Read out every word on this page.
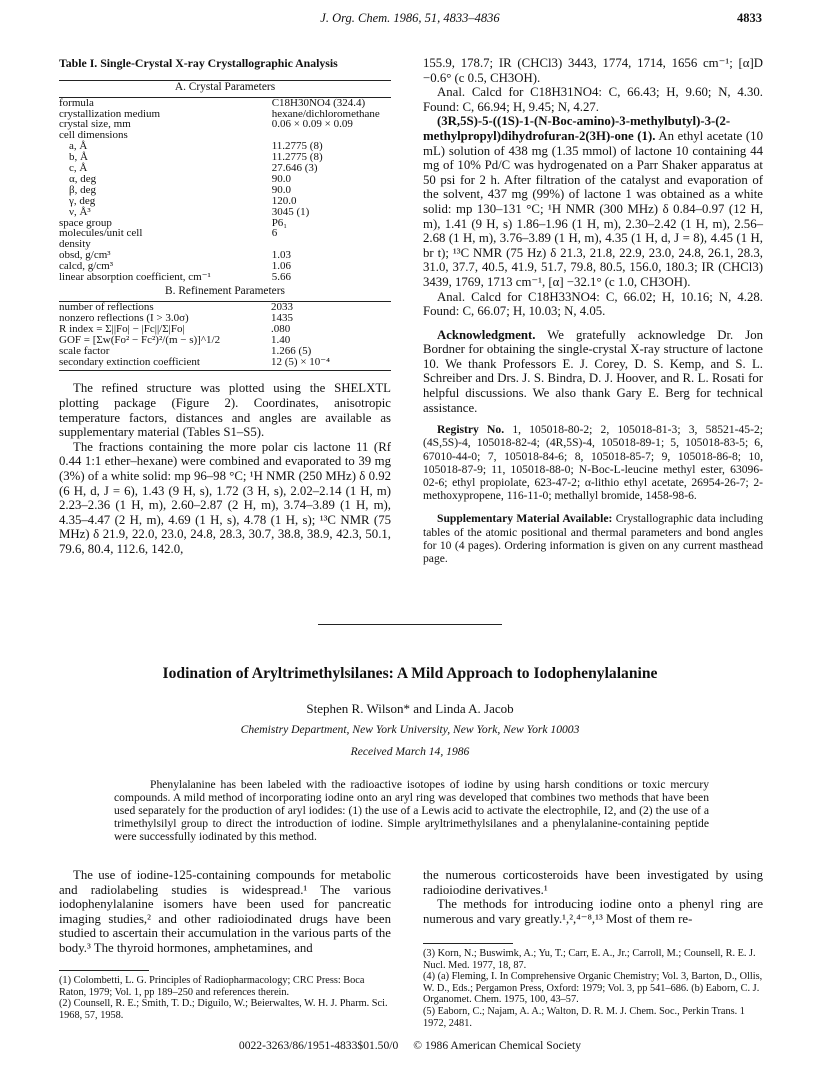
J. Org. Chem. 1986, 51, 4833–4836	4833
Table I. Single-Crystal X-ray Crystallographic Analysis
A. Crystal Parameters
formula	C18H30NO4 (324.4)
crystallization medium	hexane/dichloromethane
crystal size, mm	0.06 × 0.09 × 0.09
cell dimensions	
a, Å	11.2775 (8)
b, Å	11.2775 (8)
c, Å	27.646 (3)
α, deg	90.0
β, deg	90.0
γ, deg	120.0
ν, Å³	3045 (1)
space group	P6₁
molecules/unit cell	6
density	
obsd, g/cm³	1.03
calcd, g/cm³	1.06
linear absorption coefficient, cm⁻¹	5.66
B. Refinement Parameters
number of reflections	2033
nonzero reflections (I > 3.0σ)	1435
R index = Σ||Fo| − |Fc||/Σ|Fo|	.080
GOF = [Σw(Fo² − Fc²)²/(m − s)]^1/2	1.40
scale factor	1.266 (5)
secondary extinction coefficient	12 (5) × 10⁻⁴

The refined structure was plotted using the SHELXTL plotting package (Figure 2). Coordinates, anisotropic temperature factors, distances and angles are available as supplementary material (Tables S1–S5).

The fractions containing the more polar cis lactone 11 (Rf 0.44 1:1 ether–hexane) were combined and evaporated to 39 mg (3%) of a white solid: mp 96–98 °C; ¹H NMR (250 MHz) δ 0.92 (6 H, d, J = 6), 1.43 (9 H, s), 1.72 (3 H, s), 2.02–2.14 (1 H, m) 2.23–2.36 (1 H, m), 2.60–2.87 (2 H, m), 3.74–3.89 (1 H, m), 4.35–4.47 (2 H, m), 4.69 (1 H, s), 4.78 (1 H, s); ¹³C NMR (75 MHz) δ 21.9, 22.0, 23.0, 24.8, 28.3, 30.7, 38.8, 38.9, 42.3, 50.1, 79.6, 80.4, 112.6, 142.0,

155.9, 178.7; IR (CHCl3) 3443, 1774, 1714, 1656 cm⁻¹; [α]D −0.6° (c 0.5, CH3OH).

Anal. Calcd for C18H31NO4: C, 66.43; H, 9.60; N, 4.30. Found: C, 66.94; H, 9.45; N, 4.27.

(3R,5S)-5-((1S)-1-(N-Boc-amino)-3-methylbutyl)-3-(2-methylpropyl)dihydrofuran-2(3H)-one (1). An ethyl acetate (10 mL) solution of 438 mg (1.35 mmol) of lactone 10 containing 44 mg of 10% Pd/C was hydrogenated on a Parr Shaker apparatus at 50 psi for 2 h. After filtration of the catalyst and evaporation of the solvent, 437 mg (99%) of lactone 1 was obtained as a white solid: mp 130–131 °C; ¹H NMR (300 MHz) δ 0.84–0.97 (12 H, m), 1.41 (9 H, s) 1.86–1.96 (1 H, m), 2.30–2.42 (1 H, m), 2.56–2.68 (1 H, m), 3.76–3.89 (1 H, m), 4.35 (1 H, d, J = 8), 4.45 (1 H, br t); ¹³C NMR (75 Hz) δ 21.3, 21.8, 22.9, 23.0, 24.8, 26.1, 28.3, 31.0, 37.7, 40.5, 41.9, 51.7, 79.8, 80.5, 156.0, 180.3; IR (CHCl3) 3439, 1769, 1713 cm⁻¹, [α] −32.1° (c 1.0, CH3OH).

Anal. Calcd for C18H33NO4: C, 66.02; H, 10.16; N, 4.28. Found: C, 66.07; H, 10.03; N, 4.05.

Acknowledgment. We gratefully acknowledge Dr. Jon Bordner for obtaining the single-crystal X-ray structure of lactone 10. We thank Professors E. J. Corey, D. S. Kemp, and S. L. Schreiber and Drs. J. S. Bindra, D. J. Hoover, and R. L. Rosati for helpful discussions. We also thank Gary E. Berg for technical assistance.

Registry No. 1, 105018-80-2; 2, 105018-81-3; 3, 58521-45-2; (4S,5S)-4, 105018-82-4; (4R,5S)-4, 105018-89-1; 5, 105018-83-5; 6, 67010-44-0; 7, 105018-84-6; 8, 105018-85-7; 9, 105018-86-8; 10, 105018-87-9; 11, 105018-88-0; N-Boc-L-leucine methyl ester, 63096-02-6; ethyl propiolate, 623-47-2; α-lithio ethyl acetate, 26954-26-7; 2-methoxypropene, 116-11-0; methallyl bromide, 1458-98-6.

Supplementary Material Available: Crystallographic data including tables of the atomic positional and thermal parameters and bond angles for 10 (4 pages). Ordering information is given on any current masthead page.

Iodination of Aryltrimethylsilanes: A Mild Approach to Iodophenylalanine
Stephen R. Wilson* and Linda A. Jacob
Chemistry Department, New York University, New York, New York 10003
Received March 14, 1986
Phenylalanine has been labeled with the radioactive isotopes of iodine by using harsh conditions or toxic mercury compounds. A mild method of incorporating iodine onto an aryl ring was developed that combines two methods that have been used separately for the production of aryl iodides: (1) the use of a Lewis acid to activate the electrophile, I2, and (2) the use of a trimethylsilyl group to direct the introduction of iodine. Simple aryltrimethylsilanes and a phenylalanine-containing peptide were successfully iodinated by this method.
The use of iodine-125-containing compounds for metabolic and radiolabeling studies is widespread.¹ The various iodophenylalanine isomers have been used for pancreatic imaging studies,² and other radioiodinated drugs have been studied to ascertain their accumulation in the various parts of the body.³ The thyroid hormones, amphetamines, and

the numerous corticosteroids have been investigated by using radioiodine derivatives.¹

The methods for introducing iodine onto a phenyl ring are numerous and vary greatly.¹,²,⁴⁻⁸,¹³ Most of them re-

(1) Colombetti, L. G. Principles of Radiopharmacology; CRC Press: Boca Raton, 1979; Vol. 1, pp 189–250 and references therein.

(2) Counsell, R. E.; Smith, T. D.; Diguilo, W.; Beierwaltes, W. H. J. Pharm. Sci. 1968, 57, 1958.

(3) Korn, N.; Buswimk, A.; Yu, T.; Carr, E. A., Jr.; Carroll, M.; Counsell, R. E. J. Nucl. Med. 1977, 18, 87.

(4) (a) Fleming, I. In Comprehensive Organic Chemistry; Vol. 3, Barton, D., Ollis, W. D., Eds.; Pergamon Press, Oxford: 1979; Vol. 3, pp 541–686. (b) Eaborn, C. J. Organomet. Chem. 1975, 100, 43–57.

(5) Eaborn, C.; Najam, A. A.; Walton, D. R. M. J. Chem. Soc., Perkin Trans. 1 1972, 2481.

0022-3263/86/1951-4833$01.50/0 © 1986 American Chemical Society
